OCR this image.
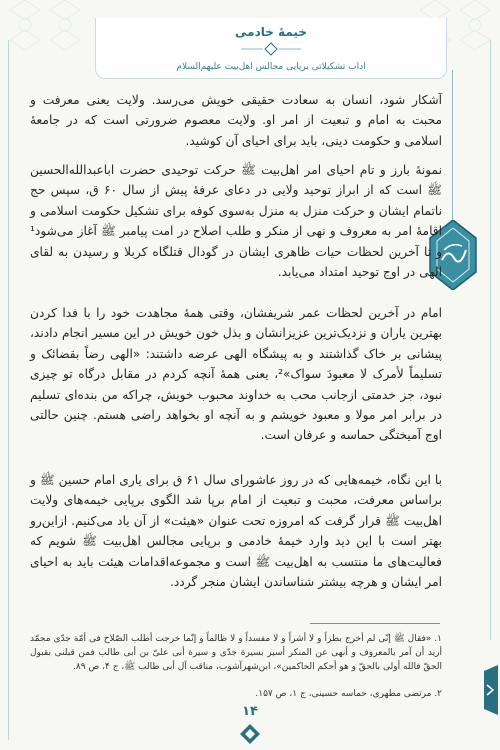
خیمهٔ خادمی
اداب تشکیلاتی برپایی مجالس اهل‌بیت علیهم‌السلام

آشکار شود، انسان به سعادت حقیقی خویش می‌رسد. ولایت یعنی معرفت و محبت به امام و تبعیت از امر او. ولایت معصوم ضرورتی است که در جامعهٔ اسلامی و حکومت دینی، باید برای احیای آن کوشید.

نمونهٔ بارز و تام احیای امر اهل‌بیت ﷺ حرکت توحیدی حضرت اباعبدالله‌الحسین ﷺ است که از ابراز توحید ولایی در دعای عرفهٔ پیش از سال ۶۰ ق، سپس حج ناتمام ایشان و حرکت منزل به منزل به‌سوی کوفه برای تشکیل حکومت اسلامی و اقامهٔ امر به معروف و نهی از منکر و طلب اصلاح در امت پیامبر ﷺ آغاز می‌شود¹ و تا آخرین لحظات حیات ظاهری ایشان در گودال قتلگاه کربلا و رسیدن به لقای الهی در اوج توحید امتداد می‌یابد.

امام در آخرین لحظات عمر شریفشان، وقتی همهٔ مجاهدت خود را با فدا کردن بهترین یاران و نزدیک‌ترین عزیزانشان و بذل خون خویش در این مسیر انجام دادند، پیشانی بر خاک گذاشتند و به پیشگاه الهی عرضه داشتند: «الهی رضاً بقضائک و تسلیماً لأمرک لا معبودَ سواک»²، یعنی همهٔ آنچه کردم در مقابل درگاه تو چیزی نبود، جز خدمتی ازجانب محب به خداوند محبوب خویش، چراکه من بنده‌ای تسلیم در برابر امر مولا و معبود خویشم و به آنچه او بخواهد راضی هستم. چنین حالتی اوج آمیختگی حماسه و عرفان است.

با این نگاه، خیمه‌هایی که در روز عاشورای سال ۶۱ ق برای یاری امام حسین ﷺ و براساس معرفت، محبت و تبعیت از امام برپا شد الگوی برپایی خیمه‌های ولایت اهل‌بیت ﷺ قرار گرفت که امروزه تحت عنوان «هیئت» از آن یاد می‌کنیم. ازاین‌رو بهتر است با این دید وارد خیمهٔ خادمی و برپایی مجالس اهل‌بیت ﷺ شویم که فعالیت‌های ما منتسب به اهل‌بیت ﷺ است و مجموعه‌اقدامات هیئت باید به احیای امر ایشان و هرچه بیشتر شناساندن ایشان منجر گردد.

۱. «فقال ﷺ إنّی لم أخرج بطراً و لا أشراً و لا مفسداً و لا ظالماً و إنّما خرجت أطلب الصّلاح فی أمّة جدّی محمّد أرید أن آمر بالمعروف و أنهى عن المنکر أسیر بسیرة جدّی و سیرة أبی علیّ بن أبی طالب فمن قبلنی بقبول الحقّ فالله أولى بالحقّ و هو أحکم الحاکمین»، ابن‌شهرآشوب، مناقب آل أبی طالب ﷺ، ج ۴، ص ۸۹.
۲. مرتضی مطهری، حماسه حسینی، ج ۱، ص ۱۵۷.
۱۴
